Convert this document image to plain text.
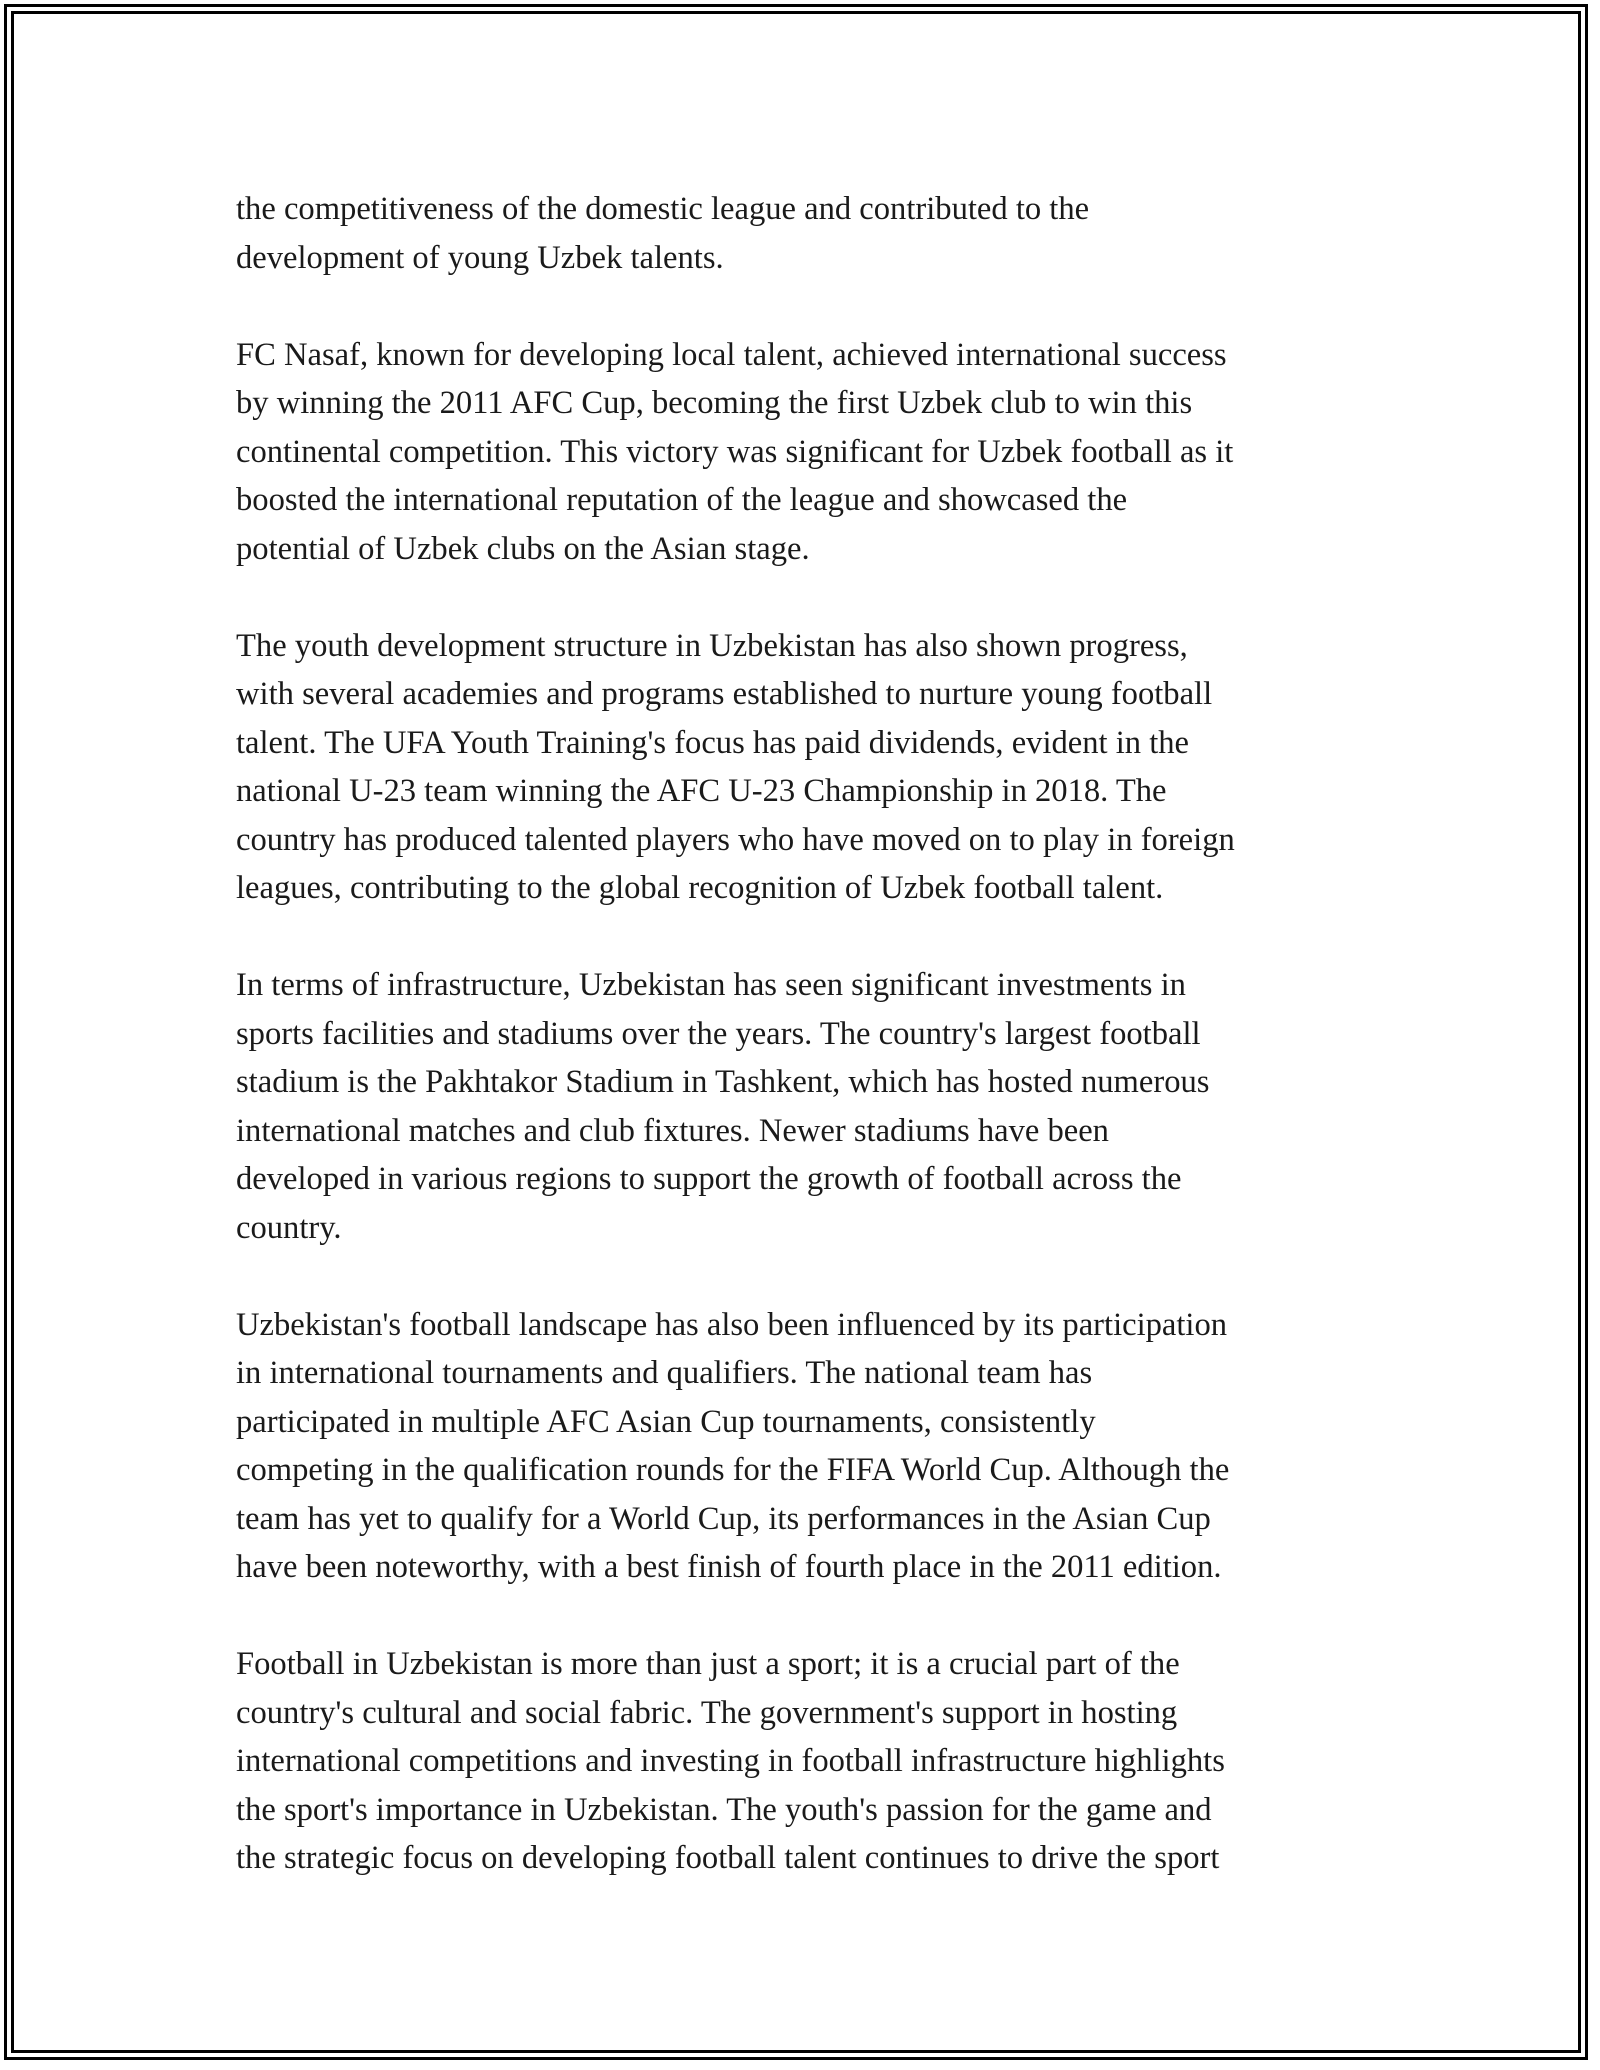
the competitiveness of the domestic league and contributed to the
development of young Uzbek talents.

FC Nasaf, known for developing local talent, achieved international success
by winning the 2011 AFC Cup, becoming the first Uzbek club to win this
continental competition. This victory was significant for Uzbek football as it
boosted the international reputation of the league and showcased the
potential of Uzbek clubs on the Asian stage.

The youth development structure in Uzbekistan has also shown progress,
with several academies and programs established to nurture young football
talent. The UFA Youth Training's focus has paid dividends, evident in the
national U-23 team winning the AFC U-23 Championship in 2018. The
country has produced talented players who have moved on to play in foreign
leagues, contributing to the global recognition of Uzbek football talent.

In terms of infrastructure, Uzbekistan has seen significant investments in
sports facilities and stadiums over the years. The country's largest football
stadium is the Pakhtakor Stadium in Tashkent, which has hosted numerous
international matches and club fixtures. Newer stadiums have been
developed in various regions to support the growth of football across the
country.

Uzbekistan's football landscape has also been influenced by its participation
in international tournaments and qualifiers. The national team has
participated in multiple AFC Asian Cup tournaments, consistently
competing in the qualification rounds for the FIFA World Cup. Although the
team has yet to qualify for a World Cup, its performances in the Asian Cup
have been noteworthy, with a best finish of fourth place in the 2011 edition.

Football in Uzbekistan is more than just a sport; it is a crucial part of the
country's cultural and social fabric. The government's support in hosting
international competitions and investing in football infrastructure highlights
the sport's importance in Uzbekistan. The youth's passion for the game and
the strategic focus on developing football talent continues to drive the sport
